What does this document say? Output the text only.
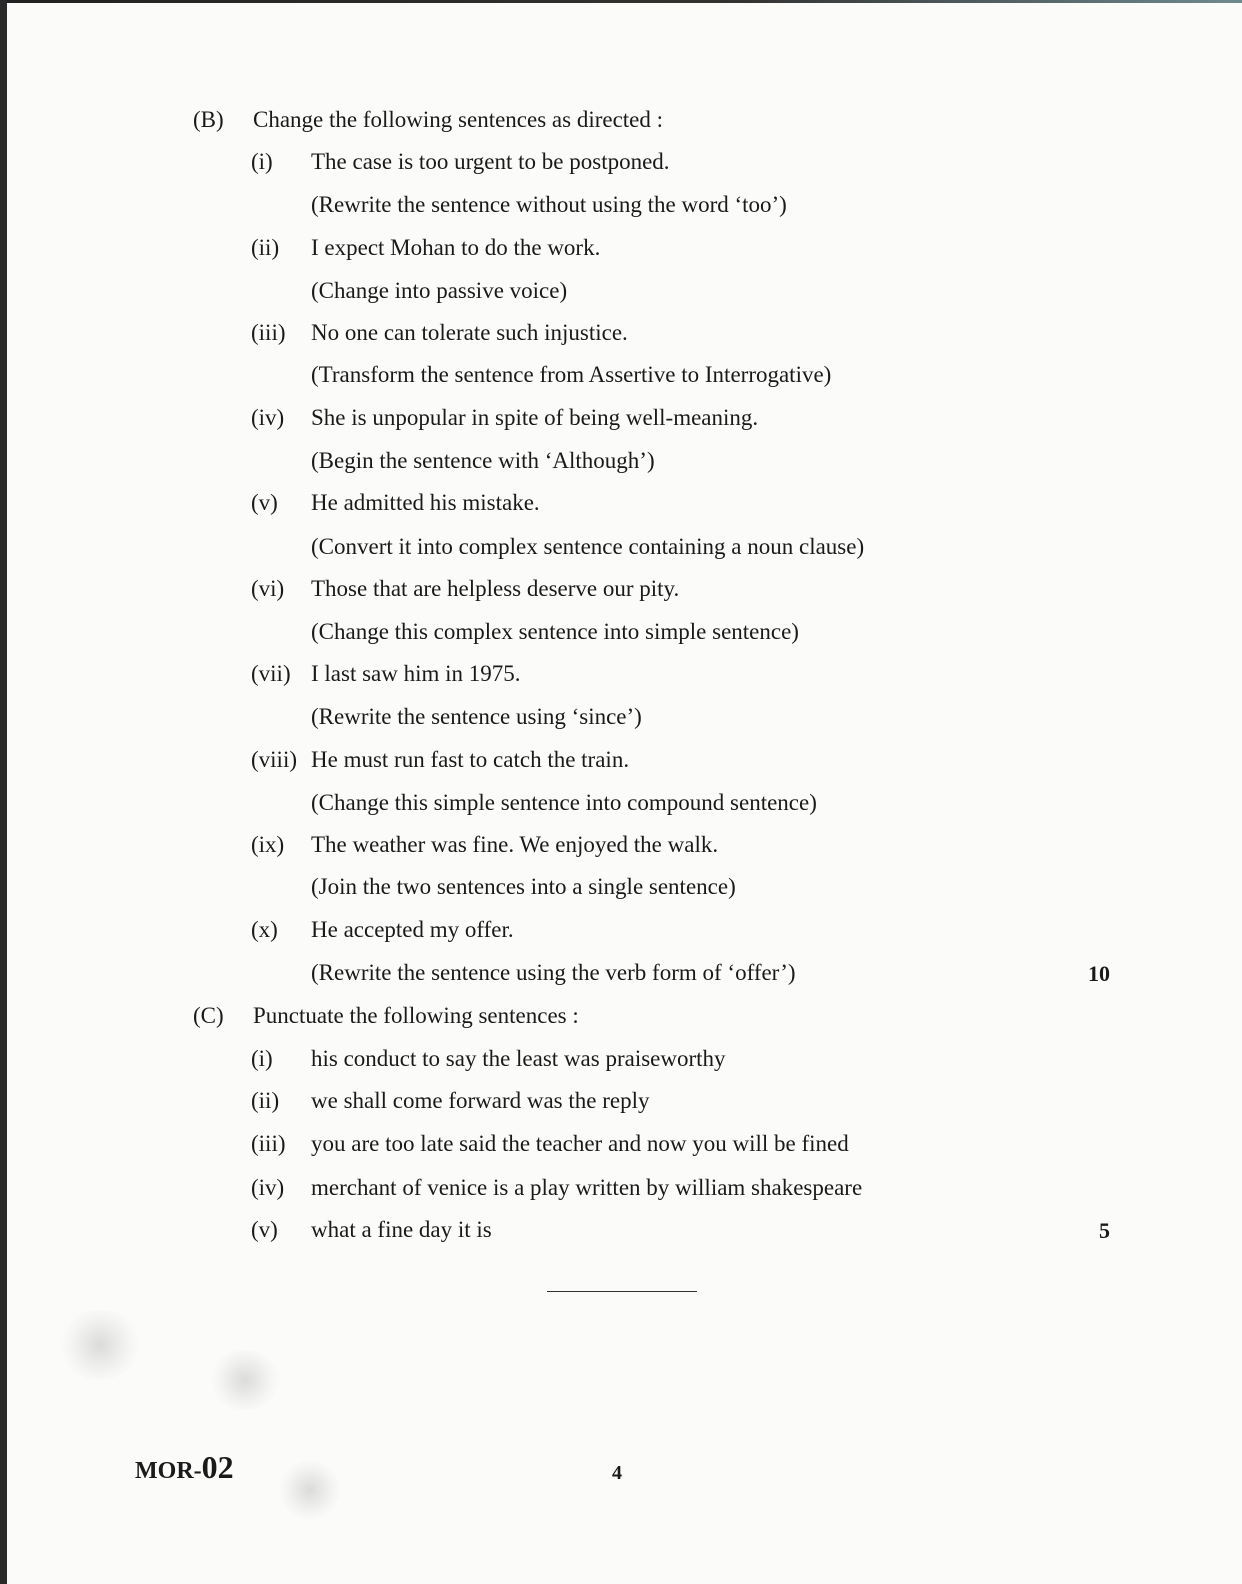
(B) Change the following sentences as directed :
(i) The case is too urgent to be postponed.
(Rewrite the sentence without using the word ‘too’)
(ii) I expect Mohan to do the work.
(Change into passive voice)
(iii) No one can tolerate such injustice.
(Transform the sentence from Assertive to Interrogative)
(iv) She is unpopular in spite of being well-meaning.
(Begin the sentence with ‘Although’)
(v) He admitted his mistake.
(Convert it into complex sentence containing a noun clause)
(vi) Those that are helpless deserve our pity.
(Change this complex sentence into simple sentence)
(vii) I last saw him in 1975.
(Rewrite the sentence using ‘since’)
(viii) He must run fast to catch the train.
(Change this simple sentence into compound sentence)
(ix) The weather was fine. We enjoyed the walk.
(Join the two sentences into a single sentence)
(x) He accepted my offer.
(Rewrite the sentence using the verb form of ‘offer’)	10
(C) Punctuate the following sentences :
(i) his conduct to say the least was praiseworthy
(ii) we shall come forward was the reply
(iii) you are too late said the teacher and now you will be fined
(iv) merchant of venice is a play written by william shakespeare
(v) what a fine day it is	5
MOR-02	4
